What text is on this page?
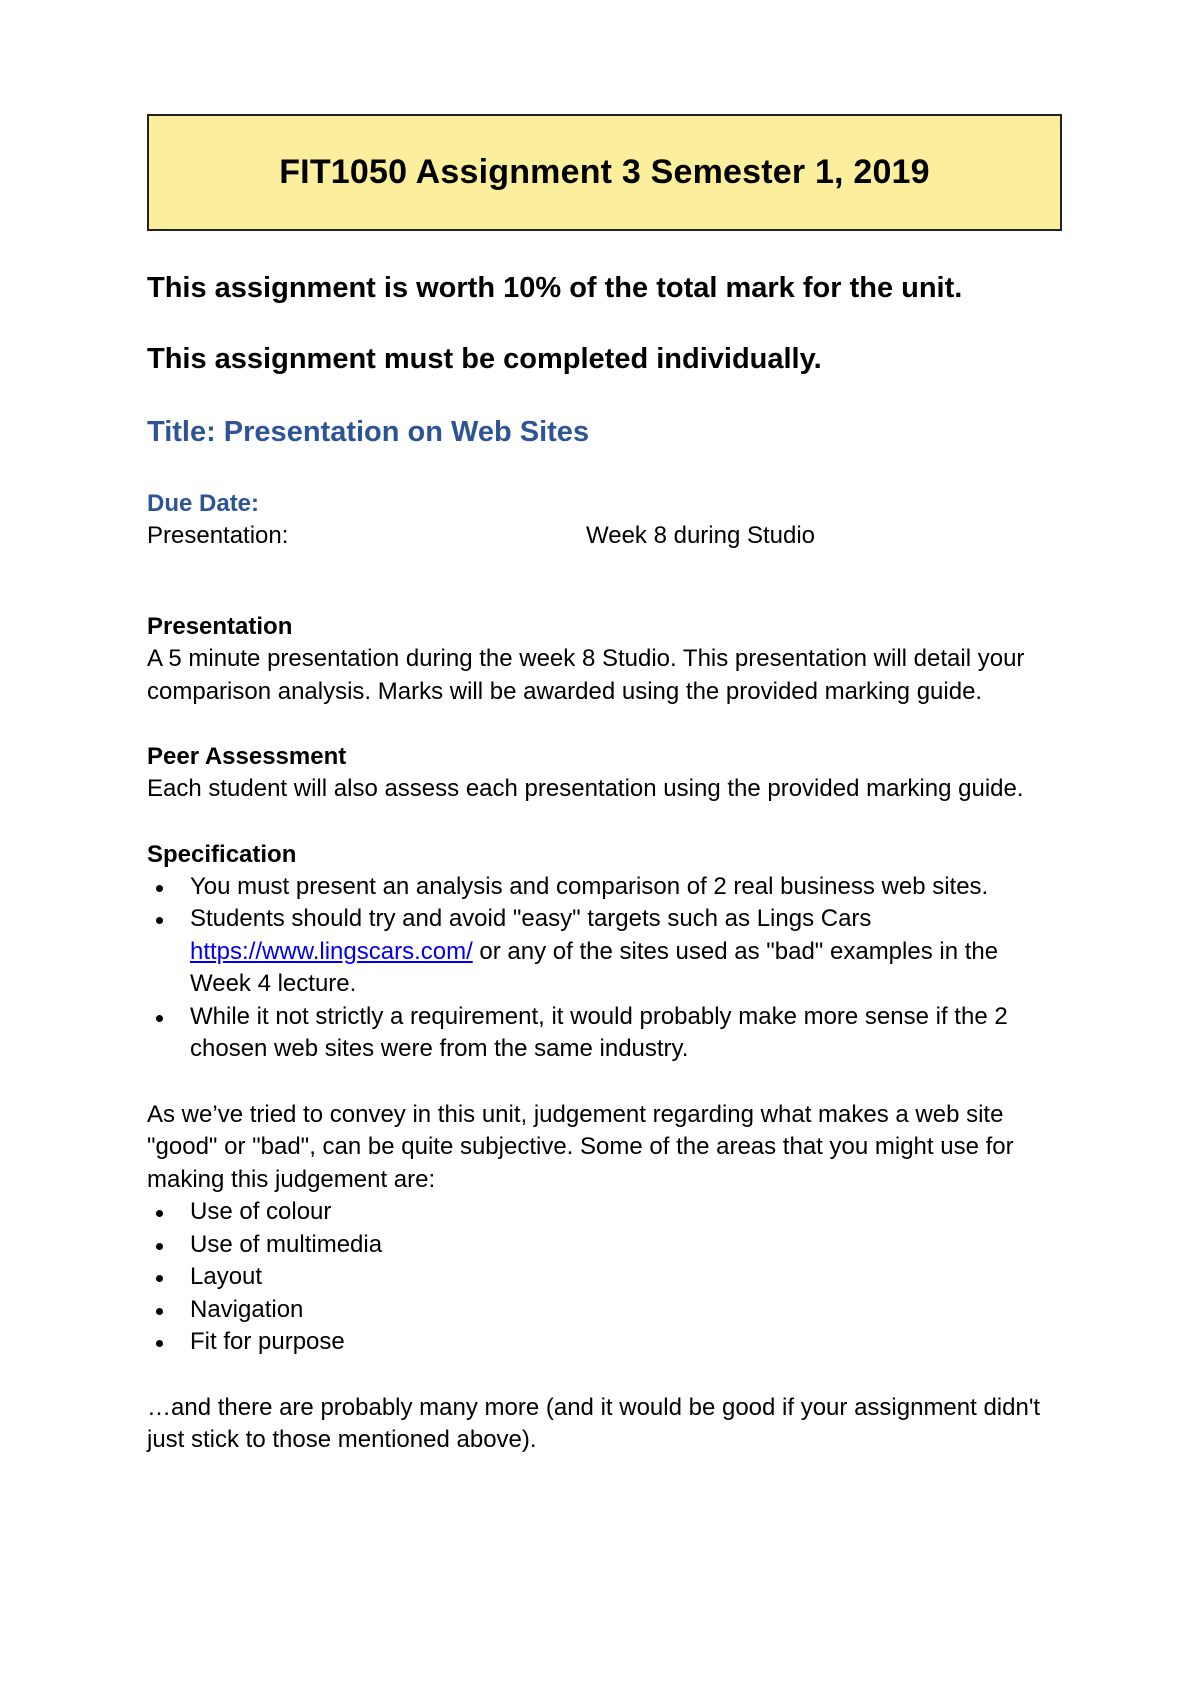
FIT1050 Assignment 3 Semester 1, 2019

This assignment is worth 10% of the total mark for the unit.

This assignment must be completed individually.

Title: Presentation on Web Sites

Due Date:

Presentation:	Week 8 during Studio

Presentation

A 5 minute presentation during the week 8 Studio. This presentation will detail your comparison analysis. Marks will be awarded using the provided marking guide.

Peer Assessment

Each student will also assess each presentation using the provided marking guide.

Specification

You must present an analysis and comparison of 2 real business web sites.
Students should try and avoid "easy" targets such as Lings Cars https://www.lingscars.com/ or any of the sites used as "bad" examples in the Week 4 lecture.
While it not strictly a requirement, it would probably make more sense if the 2 chosen web sites were from the same industry.

As we’ve tried to convey in this unit, judgement regarding what makes a web site "good" or "bad", can be quite subjective. Some of the areas that you might use for making this judgement are:

Use of colour
Use of multimedia
Layout
Navigation
Fit for purpose

…and there are probably many more (and it would be good if your assignment didn't just stick to those mentioned above).
